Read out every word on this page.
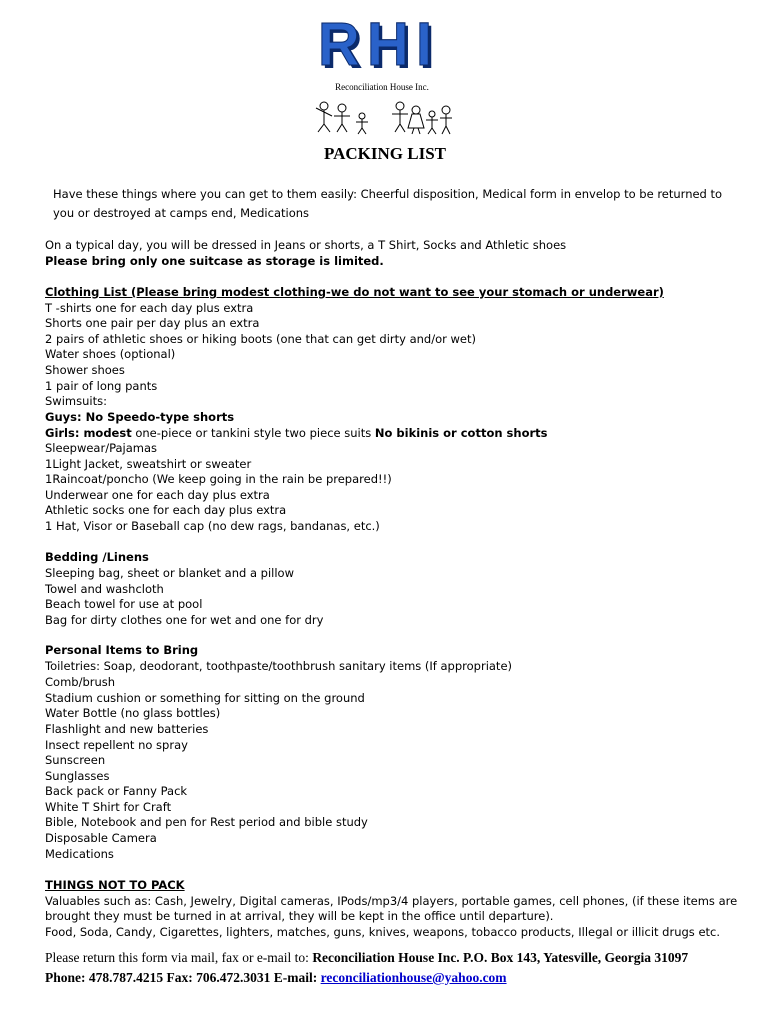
R H I
Reconciliation House Inc.
PACKING LIST
Have these things where you can get to them easily: Cheerful disposition, Medical form in envelop to be returned to you or destroyed at camps end, Medications
On a typical day, you will be dressed in Jeans or shorts, a T Shirt, Socks and Athletic shoes
Please bring only one suitcase as storage is limited.
Clothing List (Please bring modest clothing-we do not want to see your stomach or underwear)
T -shirts one for each day plus extra
Shorts one pair per day plus an extra
2 pairs of athletic shoes or hiking boots (one that can get dirty and/or wet)
Water shoes (optional)
Shower shoes
1 pair of long pants
Swimsuits:
Guys: No Speedo-type shorts
Girls: modest one-piece or tankini style two piece suits No bikinis or cotton shorts
Sleepwear/Pajamas
1Light Jacket, sweatshirt or sweater
1Raincoat/poncho (We keep going in the rain be prepared!!)
Underwear one for each day plus extra
Athletic socks one for each day plus extra
1 Hat, Visor or Baseball cap (no dew rags, bandanas, etc.)
Bedding /Linens
Sleeping bag, sheet or blanket and a pillow
Towel and washcloth
Beach towel for use at pool
Bag for dirty clothes one for wet and one for dry
Personal Items to Bring
Toiletries: Soap, deodorant, toothpaste/toothbrush sanitary items (If appropriate)
Comb/brush
Stadium cushion or something for sitting on the ground
Water Bottle (no glass bottles)
Flashlight and new batteries
Insect repellent no spray
Sunscreen
Sunglasses
Back pack or Fanny Pack
White T Shirt for Craft
Bible, Notebook and pen for Rest period and bible study
Disposable Camera
Medications
THINGS NOT TO PACK
Valuables such as: Cash, Jewelry, Digital cameras, IPods/mp3/4 players, portable games, cell phones, (if these items are
brought they must be turned in at arrival, they will be kept in the office until departure).
Food, Soda, Candy, Cigarettes, lighters, matches, guns, knives, weapons, tobacco products, Illegal or illicit drugs etc.
Please return this form via mail, fax or e-mail to: Reconciliation House Inc. P.O. Box 143, Yatesville, Georgia 31097
Phone: 478.787.4215 Fax: 706.472.3031 E-mail: reconciliationhouse@yahoo.com
